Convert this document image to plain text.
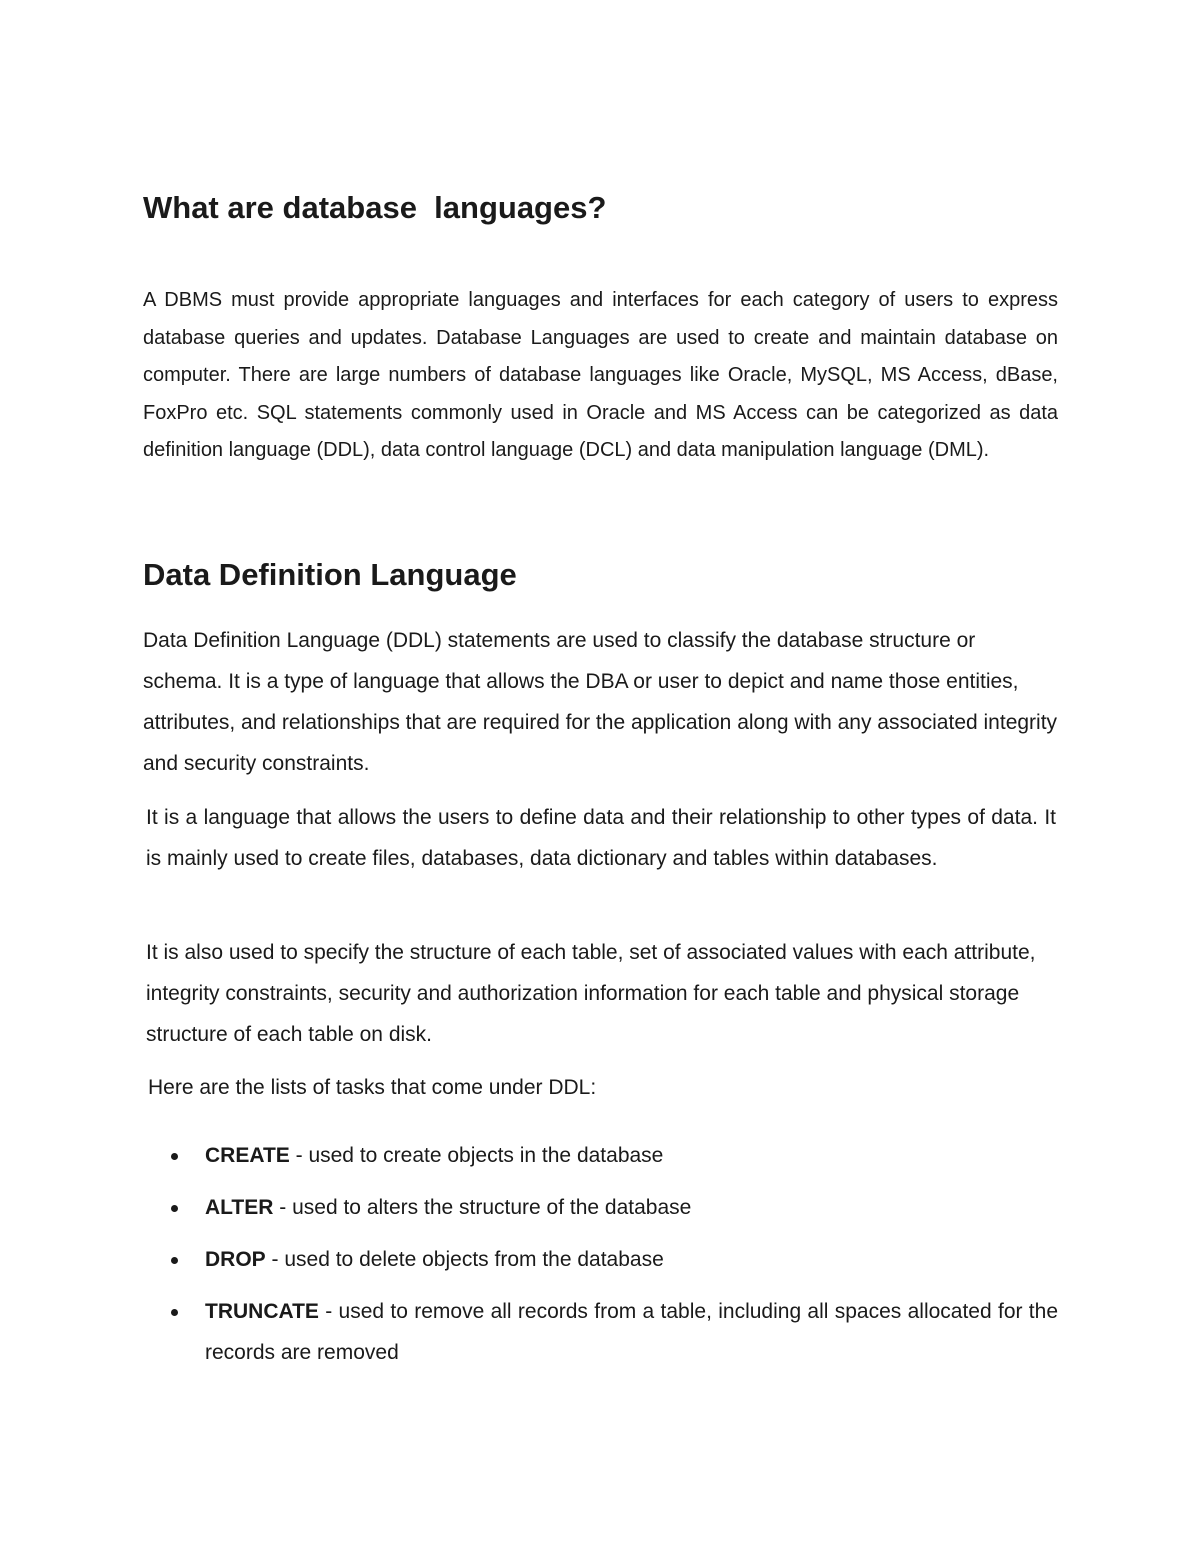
What are database  languages?

A DBMS must provide appropriate languages and interfaces for each category of users to express database queries and updates. Database Languages are used to create and maintain database on computer. There are large numbers of database languages like Oracle, MySQL, MS Access, dBase, FoxPro etc. SQL statements commonly used in Oracle and MS Access can be categorized as data definition language (DDL), data control language (DCL) and data manipulation language (DML).

Data Definition Language

Data Definition Language (DDL) statements are used to classify the database structure or schema. It is a type of language that allows the DBA or user to depict and name those entities, attributes, and relationships that are required for the application along with any associated integrity and security constraints.

It is a language that allows the users to define data and their relationship to other types of data. It is mainly used to create files, databases, data dictionary and tables within databases.

It is also used to specify the structure of each table, set of associated values with each attribute, integrity constraints, security and authorization information for each table and physical storage structure of each table on disk.

Here are the lists of tasks that come under DDL:

CREATE - used to create objects in the database
ALTER - used to alters the structure of the database
DROP - used to delete objects from the database
TRUNCATE - used to remove all records from a table, including all spaces allocated for the records are removed
